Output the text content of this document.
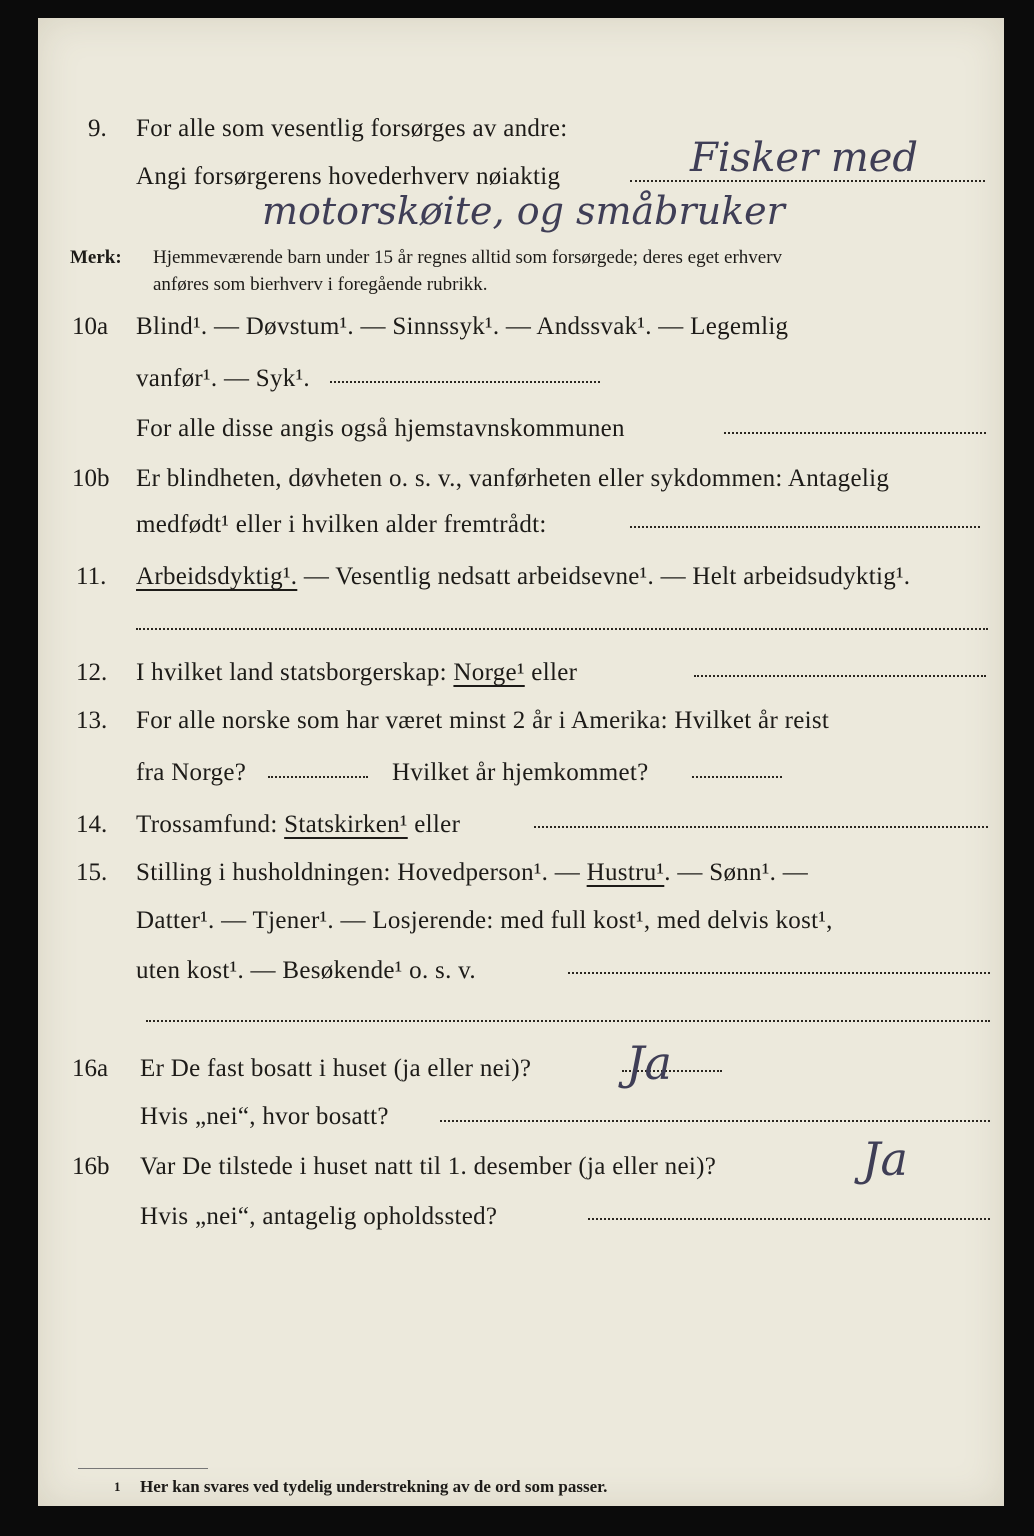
9. For alle som vesentlig forsørges av andre:
Angi forsørgerens hovederhverv nøiaktig	Fisker med
motorskøite, og småbruker
Merk: Hjemmeværende barn under 15 år regnes alltid som forsørgede; deres eget erhverv
anføres som bierhverv i foregående rubrikk.
10a Blind¹. — Døvstum¹. — Sinnssyk¹. — Andssvak¹. — Legemlig
vanfør¹. — Syk¹.
For alle disse angis også hjemstavnskommunen
10b Er blindheten, døvheten o. s. v., vanførheten eller sykdommen: Antagelig
medfødt¹ eller i hvilken alder fremtrådt:
11. Arbeidsdyktig¹. — Vesentlig nedsatt arbeidsevne¹. — Helt arbeidsudyktig¹.
12. I hvilket land statsborgerskap: Norge¹ eller
13. For alle norske som har været minst 2 år i Amerika: Hvilket år reist
fra Norge?	Hvilket år hjemkommet?
14. Trossamfund: Statskirken¹ eller
15. Stilling i husholdningen: Hovedperson¹. — Hustru¹. — Sønn¹. —
Datter¹. — Tjener¹. — Losjerende: med full kost¹, med delvis kost¹,
uten kost¹. — Besøkende¹ o. s. v.
16a Er De fast bosatt i huset (ja eller nei)? Ja
Hvis „nei“, hvor bosatt?
16b Var De tilstede i huset natt til 1. desember (ja eller nei)?	Ja
Hvis „nei“, antagelig opholdssted?
1 Her kan svares ved tydelig understrekning av de ord som passer.
